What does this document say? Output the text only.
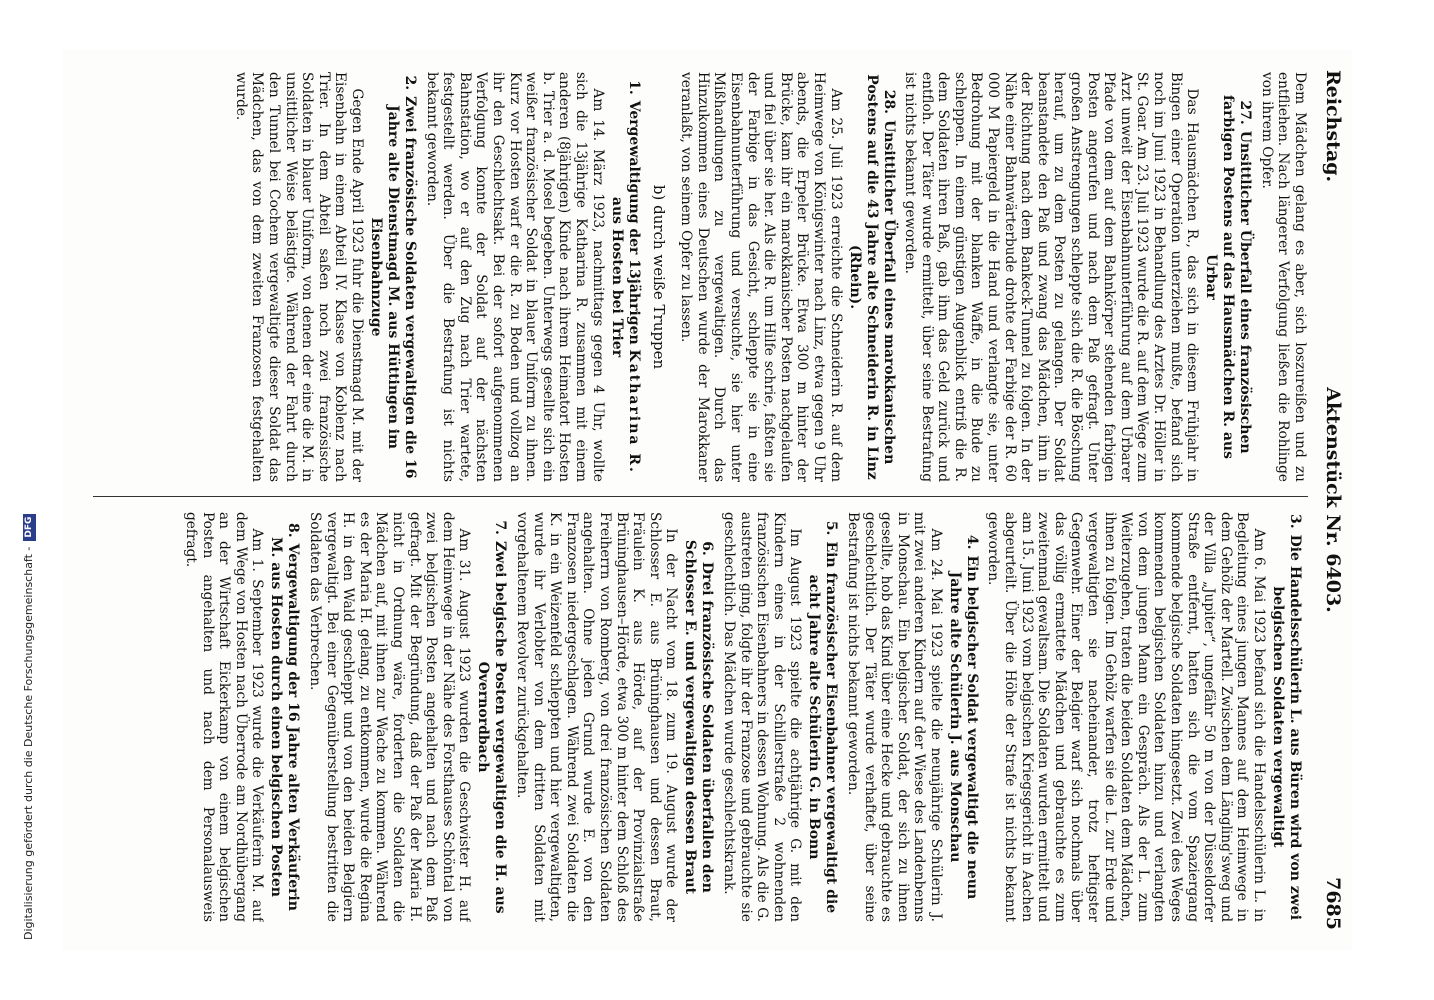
Reichstag.
Aktenstück Nr. 6403.
7685

Dem Mädchen gelang es aber, sich loszureißen und zu entfliehen. Nach längerer Verfolgung ließen die Rohlinge von ihrem Opfer.

27.Unsittlicher Überfall eines französischen farbigen Postens auf das Hausmädchen R. aus Urbar

Das Hausmädchen R., das sich in diesem Frühjahr in Bingen einer Operation unterziehen mußte, befand sich noch im Juni 1923 in Behandlung des Arztes Dr. Höller in St. Goar. Am 23. Juli 1923 wurde die R. auf dem Wege zum Arzt unweit der Eisenbahnunterführung auf dem Urbarer Pfade von dem auf dem Bahnkörper stehenden farbigen Posten angerufen und nach dem Paß gefragt. Unter großen Anstrengungen schleppte sich die R. die Böschung herauf, um zu dem Posten zu gelangen. Der Soldat beanstandete den Paß und zwang das Mädchen, ihm in der Richtung nach dem Bankeck-Tunnel zu folgen. In der Nähe einer Bahnwärterbude drohte der Farbige der R. 60 000 M Papiergeld in die Hand und verlangte sie, unter Bedrohung mit der blanken Waffe, in die Bude zu schleppen. In einem günstigen Augenblick entriß die R. dem Soldaten ihren Paß, gab ihm das Geld zurück und entfloh. Der Täter wurde ermittelt, über seine Bestrafung ist nichts bekannt geworden.

28.Unsittlicher Überfall eines marokkanischen Postens auf die 43 Jahre alte Schneiderin R. in Linz (Rhein).

Am 25. Juli 1923 erreichte die Schneiderin R. auf dem Heimwege von Königswinter nach Linz, etwa gegen 9 Uhr abends, die Erpeler Brücke. Etwa 300 m hinter der Brücke, kam ihr ein marokkanischer Posten nachgelaufen und fiel über sie her. Als die R. um Hilfe schrie, faßten sie der Farbige in das Gesicht, schleppte sie in eine Eisenbahnunterführung und versuchte, sie hier unter Mißhandlungen zu vergewaltigen. Durch das Hinzukommen eines Deutschen wurde der Marokkaner veranlaßt, von seinem Opfer zu lassen.

b) durch weiße Truppen
1.Vergewaltigung der 13jährigen Katharina R. aus Hosten bei Trier

Am 14. März 1923, nachmittags gegen 4 Uhr, wollte sich die 13jährige Katharina R. zusammen mit einem anderen (8jährigen) Kinde nach ihrem Heimatort Hosten b. Trier a. d. Mosel begeben. Unterwegs gesellte sich ein weißer französischer Soldat in blauer Uniform zu ihnen. Kurz vor Hosten warf er die R. zu Boden und vollzog an ihr den Geschlechtsakt. Bei der sofort aufgenommenen Verfolgung konnte der Soldat auf der nächsten Bahnstation, wo er auf den Zug nach Trier wartete, festgestellt werden. Über die Bestrafung ist nichts bekannt geworden.

2.Zwei französische Soldaten vergewaltigen die 16 Jahre alte Dienstmagd M. aus Hüttingen im Eisenbahnzuge

Gegen Ende April 1923 fuhr die Dienstmagd M. mit der Eisenbahn in einem Abteil IV. Klasse von Koblenz nach Trier. In dem Abteil saßen noch zwei französische Soldaten in blauer Uniform, von denen der eine die M. in unsittlicher Weise belästigte. Während der Fahrt durch den Tunnel bei Cochem vergewaltigte dieser Soldat das Mädchen, das von dem zweiten Franzosen festgehalten wurde.

3.Die Handelsschülerin L. aus Büren wird von zwei belgischen Soldaten vergewaltigt

Am 6. Mai 1923 befand sich die Handelsschülerin L. in Begleitung eines jungen Mannes auf dem Heimwege in dem Gehölz der Martell. Zwischen dem Längling'sweg und der Villa „Jupiter“, ungefähr 50 m von der Düsseldorfer Straße entfernt, hatten sich die vom Spaziergang kommende belgische Soldaten hingesetzt. Zwei des Weges kommenden belgischen Soldaten hinzu und verlangten von dem jungen Mann ein Gespräch. Als der L. zum Weiterzugehen, traten die beiden Soldaten dem Mädchen, ihnen zu folgen. Im Gehölz warfen sie die L. zur Erde und vergewaltigten sie nacheinander, trotz heftigster Gegenwehr. Einer der Belgier warf sich nochmals über das völlig ermattete Mädchen und gebrauchte es zum zweitenmal gewaltsam. Die Soldaten wurden ermittelt und am 15. Juni 1923 vom belgischen Kriegsgericht in Aachen abgeurteilt. Über die Höhe der Strafe ist nichts bekannt geworden.

4.Ein belgischer Soldat vergewaltigt die neun Jahre alte Schülerin J. aus Monschau

Am 24. Mai 1923 spielte die neunjährige Schülerin J. mit zwei anderen Kindern auf der Wiese des Landenbenns in Monschau. Ein belgischer Soldat, der sich zu ihnen gesellte, hob das Kind über eine Hecke und gebrauchte es geschlechtlich. Der Täter wurde verhaftet, über seine Bestrafung ist nichts bekannt geworden.

5.Ein französischer Eisenbahner vergewaltigt die acht Jahre alte Schülerin G. in Bonn

Im August 1923 spielte die achtjährige G. mit den Kindern eines in der Schillerstraße 2 wohnenden französischen Eisenbahners in dessen Wohnung. Als die G. austreten ging, folgte ihr der Franzose und gebrauchte sie geschlechtlich. Das Mädchen wurde geschlechtskrank.

6.Drei französische Soldaten überfallen den Schlosser E. und vergewaltigen dessen Braut

In der Nacht vom 18. zum 19. August wurde der Schlosser E. aus Brüninghausen und dessen Braut, Fräulein K. aus Hörde, auf der Provinzialstraße Brüninghausen–Hörde, etwa 300 m hinter dem Schloß des Freiherrn von Romberg, von drei französischen Soldaten angehalten. Ohne jeden Grund wurde E. von den Franzosen niedergeschlagen. Während zwei Soldaten die K. in ein Weizenfeld schleppten und hier vergewaltigten, wurde ihr Verlobter von dem dritten Soldaten mit vorgehaltenem Revolver zurückgehalten.

7.Zwei belgische Posten vergewaltigen die H. aus Overnordbach

Am 31. August 1923 wurden die Geschwister H. auf dem Heimwege in der Nähe des Forsthauses Schöntal von zwei belgischen Posten angehalten und nach dem Paß gefragt. Mit der Begründung, daß der Paß der Maria H. nicht in Ordnung wäre, forderten die Soldaten die Mädchen auf, mit ihnen zur Wache zu kommen. Während es der Maria H. gelang, zu entkommen, wurde die Regina H. in den Wald geschleppt und von den beiden Belgiern vergewaltigt. Bei einer Gegenüberstellung bestritten die Soldaten das Verbrechen.

8.Vergewaltigung der 16 Jahre alten Verkäuferin M. aus Hosten durch einen belgischen Posten

Am 1. September 1923 wurde die Verkäuferin M. auf dem Wege von Hosten nach Überrode am Nordhübergang an der Wirtschaft Eickerkamp von einem belgischen Posten angehalten und nach dem Personalausweis gefragt.

Digitalisierung gefördert durch die Deutsche Forschungsgemeinschaft -DFG
